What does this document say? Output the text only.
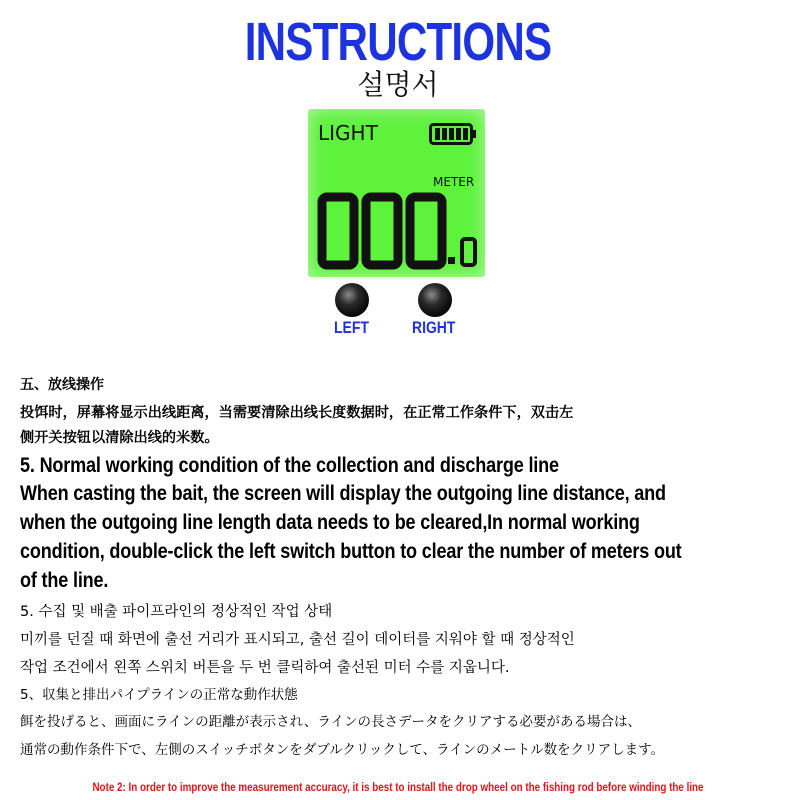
INSTRUCTIONS
설명서
LIGHT
METER
LEFT	RIGHT
五、放线操作
投饵时，屏幕将显示出线距离，当需要清除出线长度数据时，在正常工作条件下，双击左
侧开关按钮以清除出线的米数。
5. Normal working condition of the collection and discharge line
When casting the bait, the screen will display the outgoing line distance, and
when the outgoing line length data needs to be cleared,In normal working
condition, double-click the left switch button to clear the number of meters out
of the line.
5. 수집 및 배출 파이프라인의 정상적인 작업 상태
미끼를 던질 때 화면에 출선 거리가 표시되고, 출선 길이 데이터를 지워야 할 때 정상적인
작업 조건에서 왼쪽 스위치 버튼을 두 번 클릭하여 출선된 미터 수를 지웁니다.
5、収集と排出パイプラインの正常な動作状態
餌を投げると、画面にラインの距離が表示され、ラインの長さデータをクリアする必要がある場合は、
通常の動作条件下で、左側のスイッチボタンをダブルクリックして、ラインのメートル数をクリアします。
Note 2: In order to improve the measurement accuracy, it is best to install the drop wheel on the fishing rod before winding the line
